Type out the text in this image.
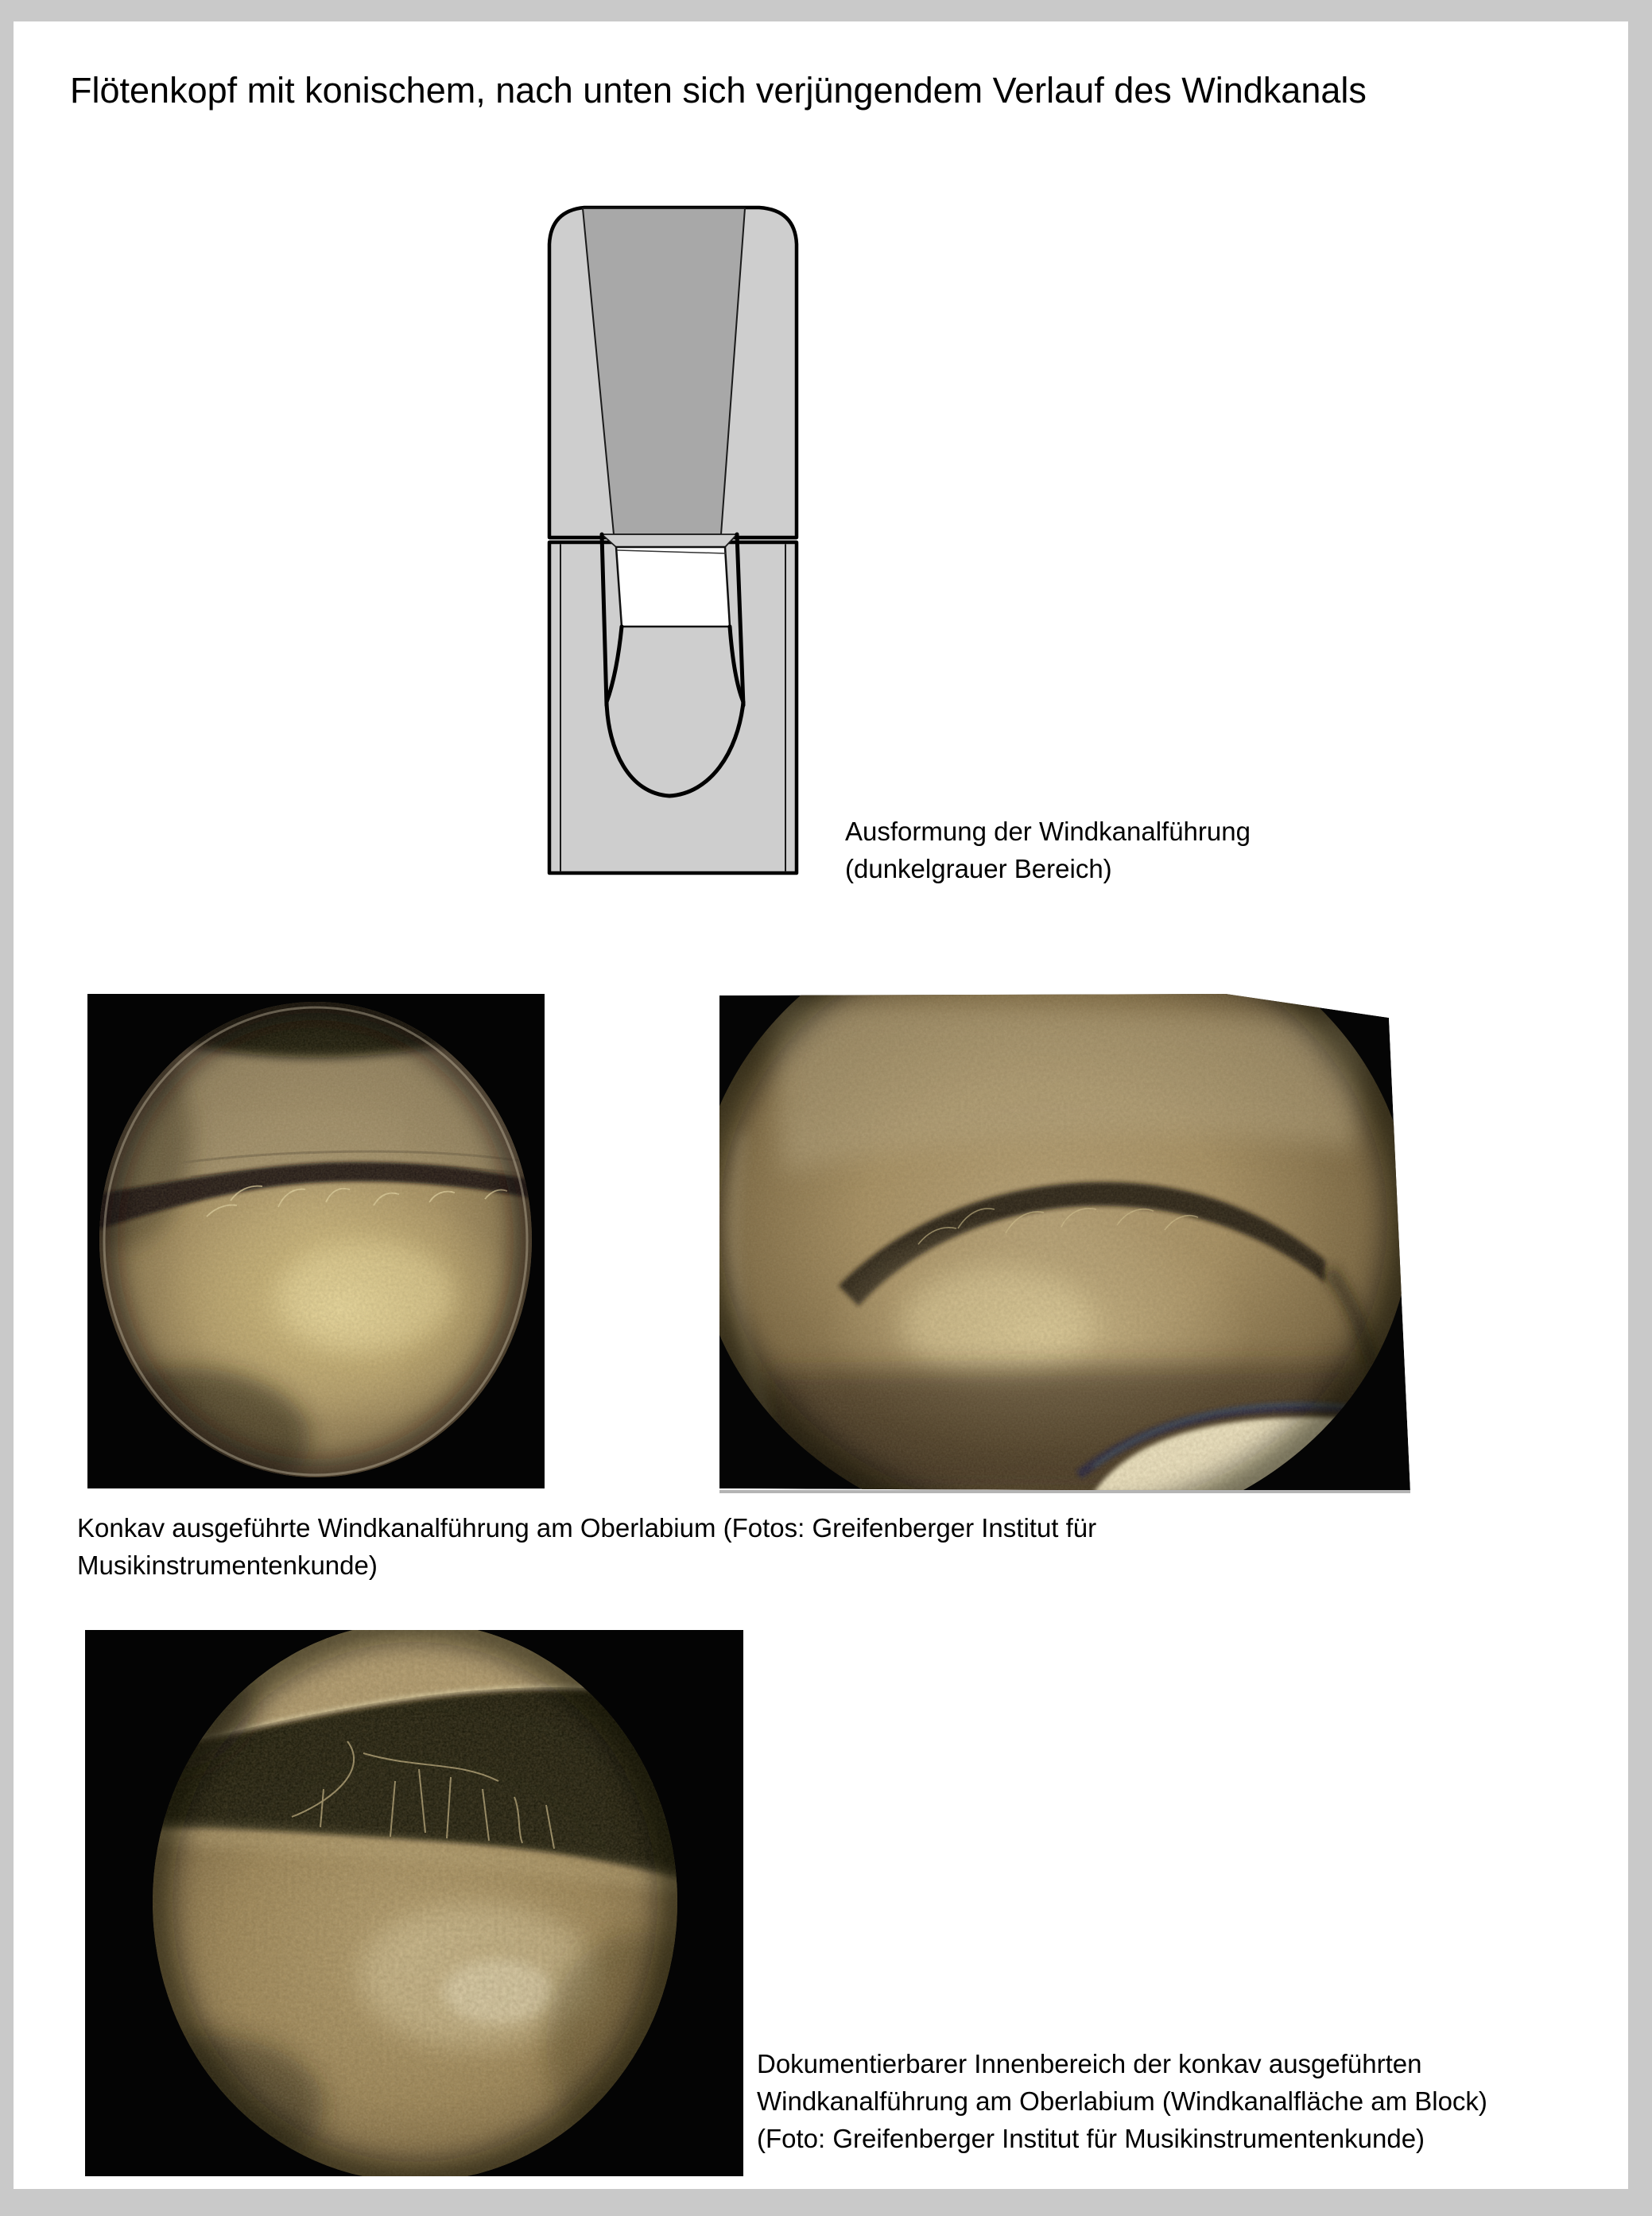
Flötenkopf mit konischem, nach unten sich verjüngendem Verlauf des Windkanals
Ausformung der Windkanalführung
(dunkelgrauer Bereich)
Konkav ausgeführte Windkanalführung am Oberlabium (Fotos: Greifenberger Institut für
Musikinstrumentenkunde)
Dokumentierbarer Innenbereich der konkav ausgeführten
Windkanalführung am Oberlabium (Windkanalfläche am Block)
(Foto: Greifenberger Institut für Musikinstrumentenkunde)
